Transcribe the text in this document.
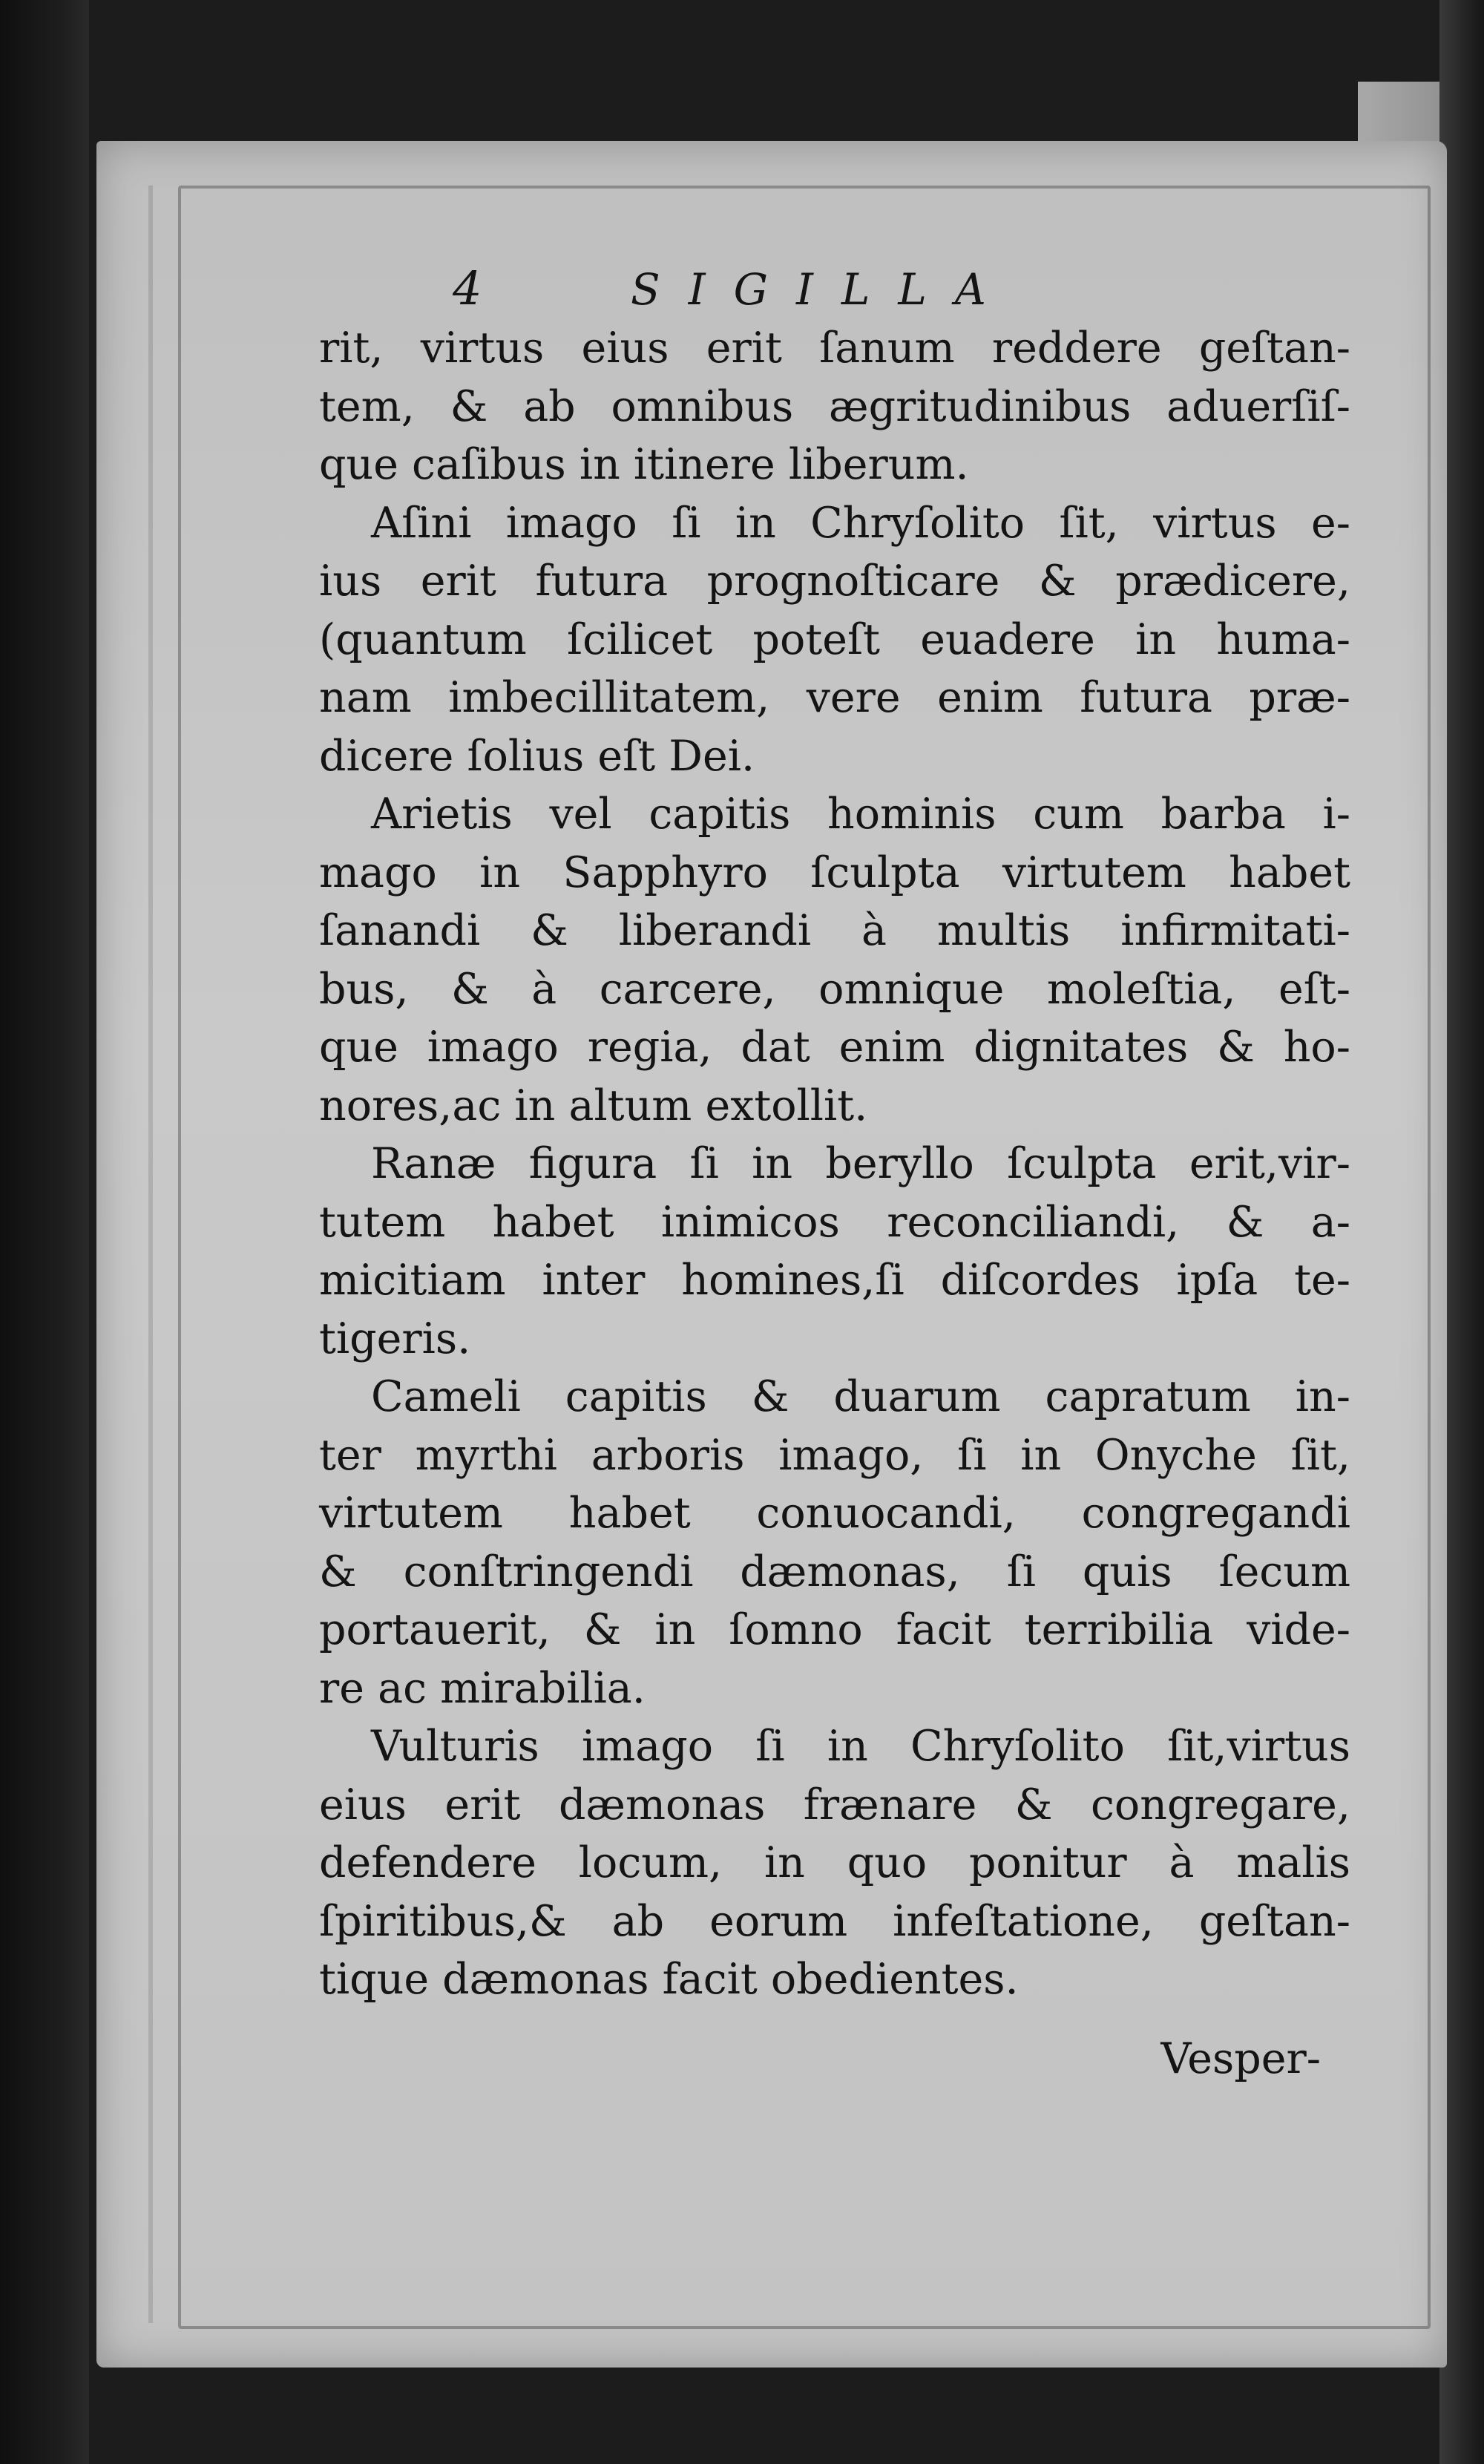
4	SIGILLA
rit, virtus eius erit ſanum reddere geſtan-
tem, & ab omnibus ægritudinibus aduerſiſ-
que caſibus in itinere liberum.
Aſini imago ſi in Chryſolito ſit, virtus e-
ius erit futura prognoſticare & prædicere,
(quantum ſcilicet poteſt euadere in huma-
nam imbecillitatem, vere enim futura præ-
dicere ſolius eſt Dei.
Arietis vel capitis hominis cum barba i-
mago in Sapphyro ſculpta virtutem habet
ſanandi & liberandi à multis infirmitati-
bus, & à carcere, omnique moleſtia, eſt-
que imago regia, dat enim dignitates & ho-
nores,ac in altum extollit.
Ranæ figura ſi in beryllo ſculpta erit,vir-
tutem habet inimicos reconciliandi, & a-
micitiam inter homines,ſi diſcordes ipſa te-
tigeris.
Cameli capitis & duarum capratum in-
ter myrthi arboris imago, ſi in Onyche ſit,
virtutem habet conuocandi, congregandi
& conſtringendi dæmonas, ſi quis ſecum
portauerit, & in ſomno facit terribilia vide-
re ac mirabilia.
Vulturis imago ſi in Chryſolito ſit,virtus
eius erit dæmonas frænare & congregare,
defendere locum, in quo ponitur à malis
ſpiritibus,& ab eorum infeſtatione, geſtan-
tique dæmonas facit obedientes.
Vesper-
